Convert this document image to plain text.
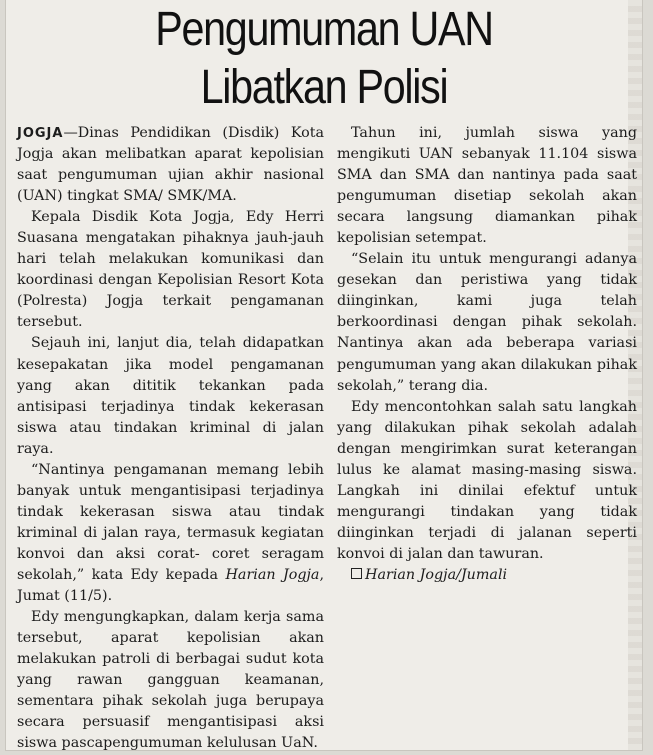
Pengumuman UAN
Libatkan Polisi

JOGJA—Dinas Pendidikan (Disdik) Kota Jogja akan melibatkan aparat kepolisian saat pengumuman ujian akhir nasional (UAN) tingkat SMA/ SMK/MA.

Kepala Disdik Kota Jogja, Edy Herri Suasana mengatakan pihaknya jauh-jauh hari telah melakukan komunikasi dan koordinasi dengan Kepolisian Resort Kota (Polresta) Jogja terkait pengamanan tersebut.

Sejauh ini, lanjut dia, telah didapatkan kesepakatan jika model pengamanan yang akan dititik tekankan pada antisipasi terjadinya tindak kekerasan siswa atau tindakan kriminal di jalan raya.

“Nantinya pengamanan memang lebih banyak untuk mengantisipasi terjadinya tindak kekerasan siswa atau tindak kriminal di jalan raya, termasuk kegiatan konvoi dan aksi corat- coret seragam sekolah,” kata Edy kepada Harian Jogja, Jumat (11/5).

Edy mengungkapkan, dalam kerja sama tersebut, aparat kepolisian akan melakukan patroli di berbagai sudut kota yang rawan gangguan keamanan, sementara pihak sekolah juga berupaya secara persuasif mengantisipasi aksi siswa pascapengumuman kelulusan UaN.

Tahun ini, jumlah siswa yang mengikuti UAN sebanyak 11.104 siswa SMA dan SMA dan nantinya pada saat pengumuman disetiap sekolah akan secara langsung diamankan pihak kepolisian setempat.

“Selain itu untuk mengurangi adanya gesekan dan peristiwa yang tidak diinginkan, kami juga telah berkoordinasi dengan pihak sekolah. Nantinya akan ada beberapa variasi pengumuman yang akan dilakukan pihak sekolah,” terang dia.

Edy mencontohkan salah satu langkah yang dilakukan pihak sekolah adalah dengan mengirimkan surat keterangan lulus ke alamat masing-masing siswa. Langkah ini dinilai efektuf untuk mengurangi tindakan yang tidak diinginkan terjadi di jalanan seperti konvoi di jalan dan tawuran.

Harian Jogja/Jumali
